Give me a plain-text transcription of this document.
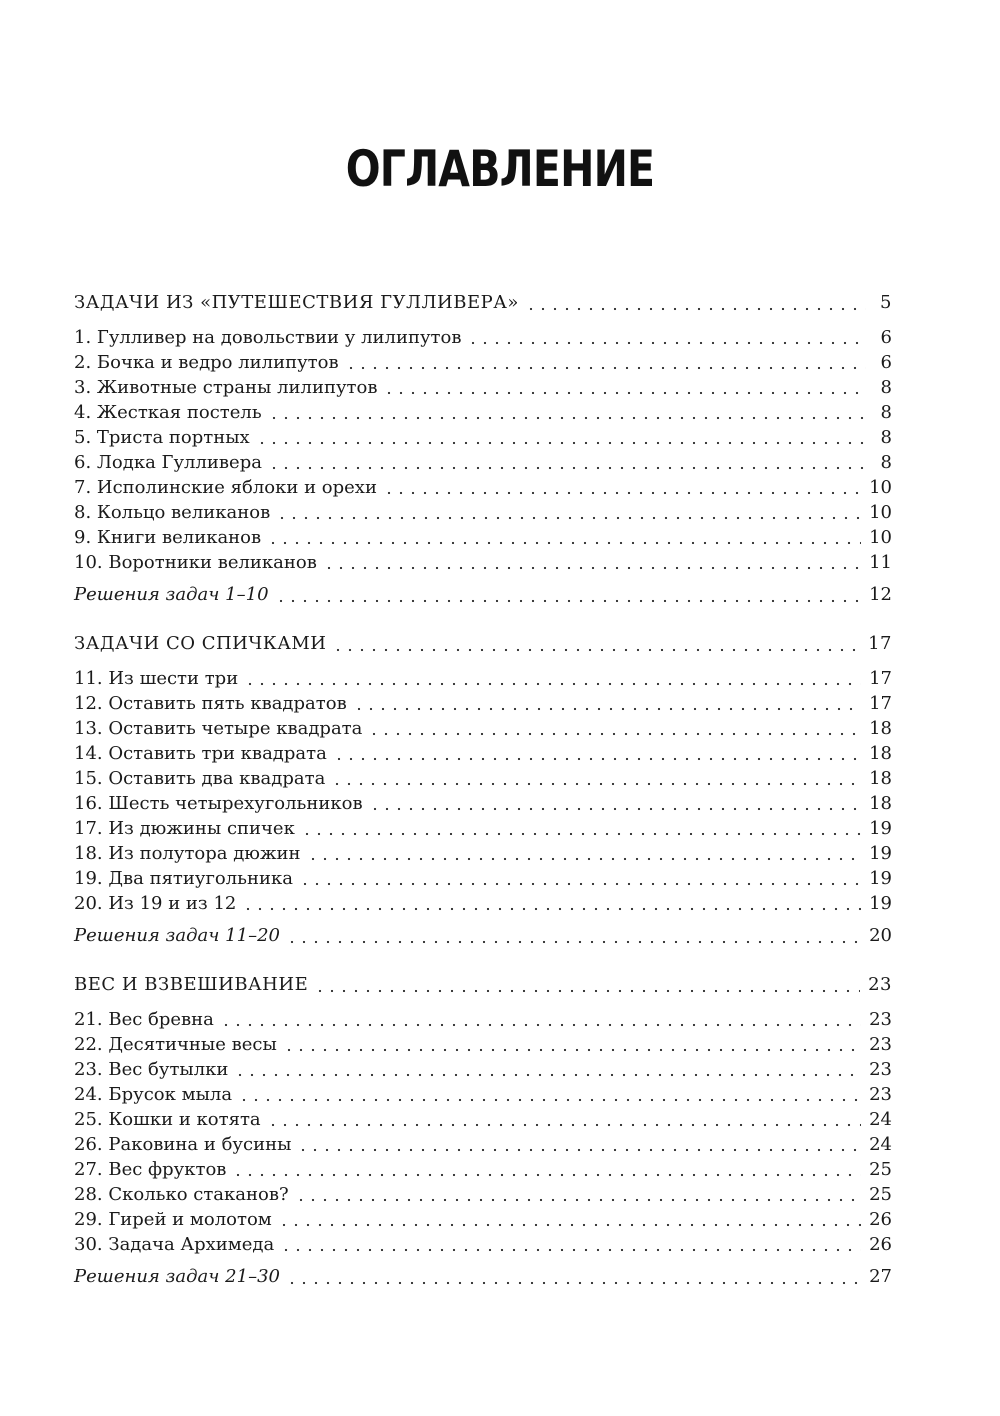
ОГЛАВЛЕНИЕ
ЗАДАЧИ ИЗ «ПУТЕШЕСТВИЯ ГУЛЛИВЕРА»	5
1. Гулливер на довольствии у лилипутов	6
2. Бочка и ведро лилипутов	6
3. Животные страны лилипутов	8
4. Жесткая постель	8
5. Триста портных	8
6. Лодка Гулливера	8
7. Исполинские яблоки и орехи	10
8. Кольцо великанов	10
9. Книги великанов	10
10. Воротники великанов	11
Решения задач 1–10	12
ЗАДАЧИ СО СПИЧКАМИ	17
11. Из шести три	17
12. Оставить пять квадратов	17
13. Оставить четыре квадрата	18
14. Оставить три квадрата	18
15. Оставить два квадрата	18
16. Шесть четырехугольников	18
17. Из дюжины спичек	19
18. Из полутора дюжин	19
19. Два пятиугольника	19
20. Из 19 и из 12	19
Решения задач 11–20	20
ВЕС И ВЗВЕШИВАНИЕ	23
21. Вес бревна	23
22. Десятичные весы	23
23. Вес бутылки	23
24. Брусок мыла	23
25. Кошки и котята	24
26. Раковина и бусины	24
27. Вес фруктов	25
28. Сколько стаканов?	25
29. Гирей и молотом	26
30. Задача Архимеда	26
Решения задач 21–30	27
